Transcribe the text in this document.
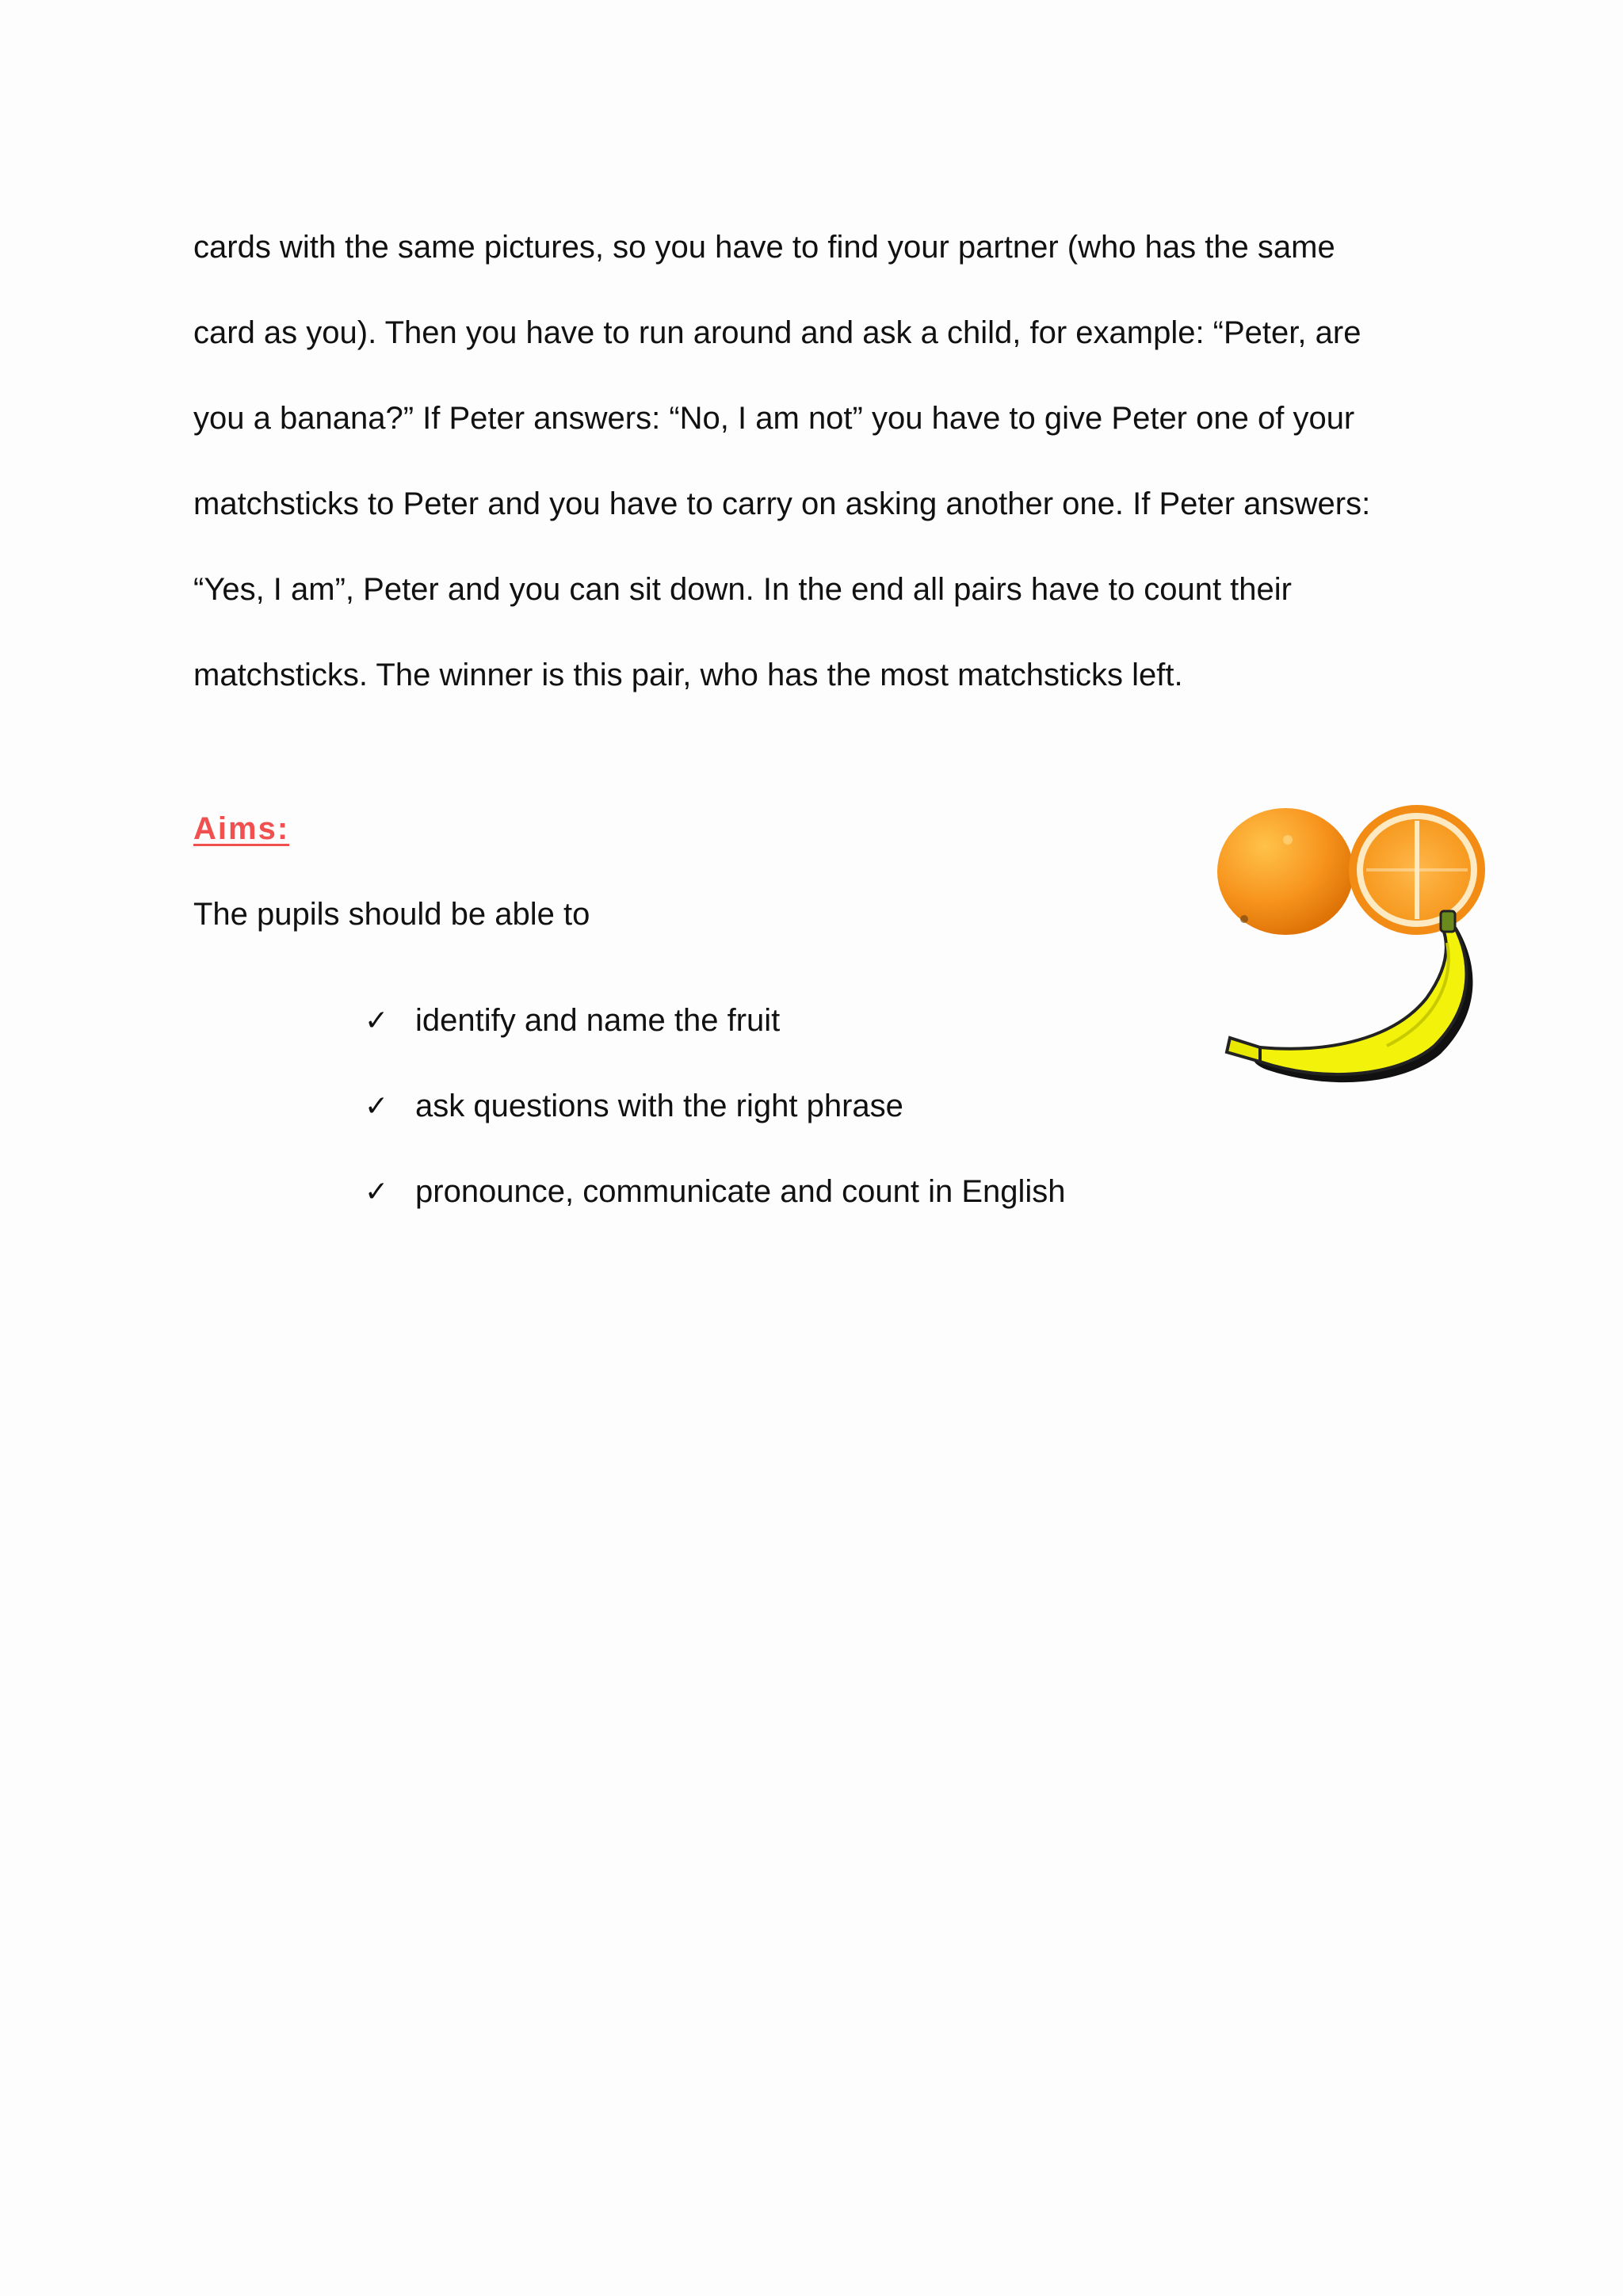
cards with the same pictures, so you have to find your partner (who has the same
card as you). Then you have to run around and ask a child, for example: “Peter, are
you a banana?” If Peter answers: “No, I am not” you have to give Peter one of your
matchsticks to Peter and you have to carry on asking another one. If Peter answers:
“Yes, I am”, Peter and you can sit down. In the end all pairs have to count their
matchsticks. The winner is this pair, who has the most matchsticks left.

Aims:

The pupils should be able to

✓ identify and name the fruit
✓ ask questions with the right phrase
✓ pronounce, communicate and count in English
